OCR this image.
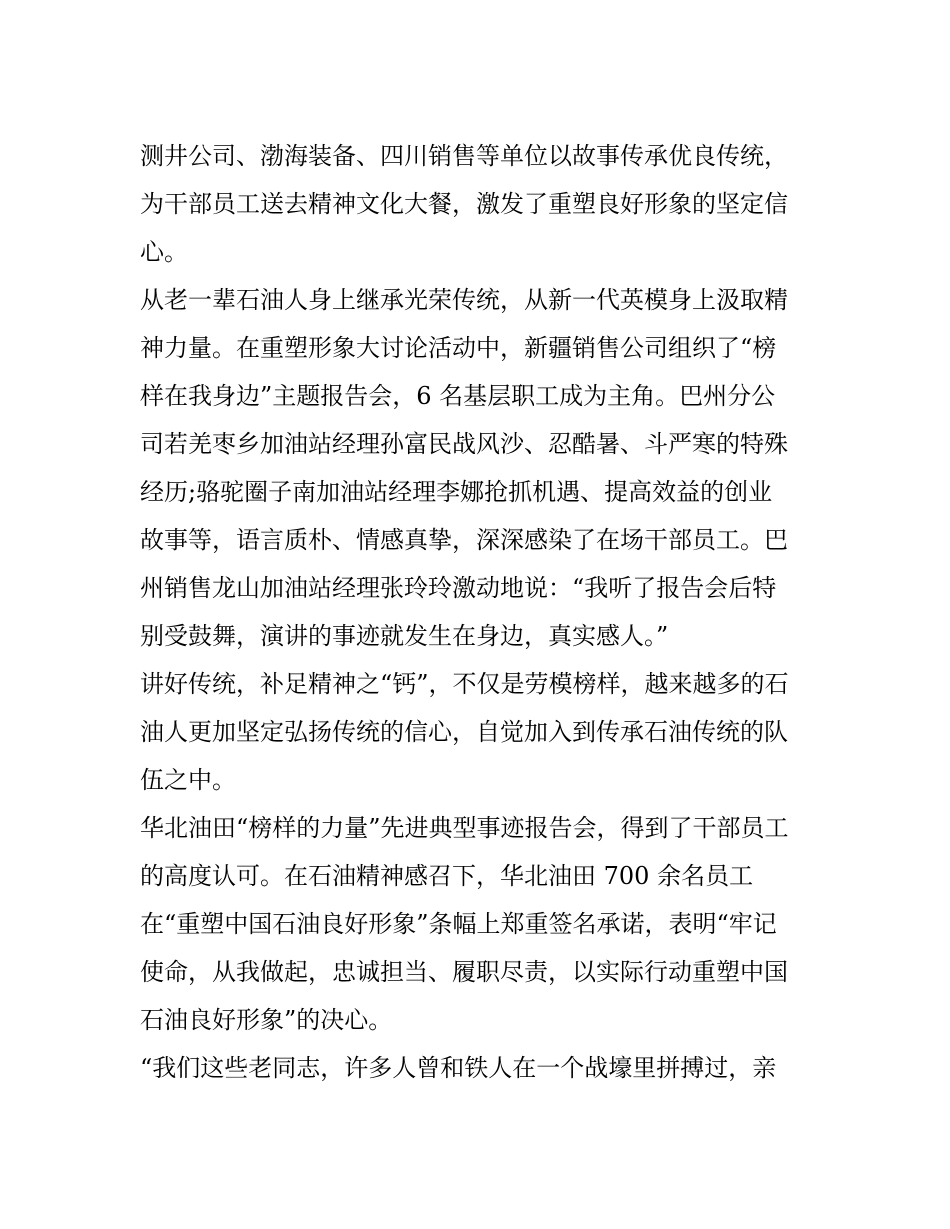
测井公司、渤海装备、四川销售等单位以故事传承优良传统，
为干部员工送去精神文化大餐，激发了重塑良好形象的坚定信
心。
从老一辈石油人身上继承光荣传统，从新一代英模身上汲取精
神力量。在重塑形象大讨论活动中，新疆销售公司组织了“榜
样在我身边”主题报告会，6 名基层职工成为主角。巴州分公
司若羌枣乡加油站经理孙富民战风沙、忍酷暑、斗严寒的特殊
经历;骆驼圈子南加油站经理李娜抢抓机遇、提高效益的创业
故事等，语言质朴、情感真挚，深深感染了在场干部员工。巴
州销售龙山加油站经理张玲玲激动地说：“我听了报告会后特
别受鼓舞，演讲的事迹就发生在身边，真实感人。”
讲好传统，补足精神之“钙”，不仅是劳模榜样，越来越多的石
油人更加坚定弘扬传统的信心，自觉加入到传承石油传统的队
伍之中。
华北油田“榜样的力量”先进典型事迹报告会，得到了干部员工
的高度认可。在石油精神感召下，华北油田 700 余名员工
在“重塑中国石油良好形象”条幅上郑重签名承诺，表明“牢记
使命，从我做起，忠诚担当、履职尽责，以实际行动重塑中国
石油良好形象”的决心。
“我们这些老同志，许多人曾和铁人在一个战壕里拼搏过，亲
